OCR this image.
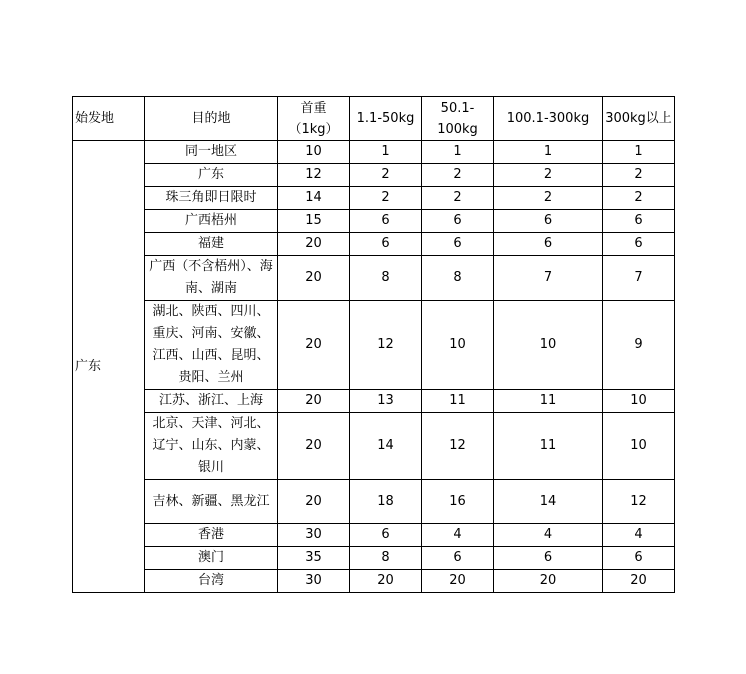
始发地	目的地	首重（1kg）	1.1-50kg	50.1-100kg	100.1-300kg	300kg以上
广东	同一地区	10	1	1	1	1
	广东	12	2	2	2	2
	珠三角即日限时	14	2	2	2	2
	广西梧州	15	6	6	6	6
	福建	20	6	6	6	6
	广西（不含梧州）、海南、湖南	20	8	8	7	7
	湖北、陕西、四川、重庆、河南、安徽、江西、山西、昆明、贵阳、兰州	20	12	10	10	9
	江苏、浙江、上海	20	13	11	11	10
	北京、天津、河北、辽宁、山东、内蒙、银川	20	14	12	11	10
	吉林、新疆、黑龙江	20	18	16	14	12
	香港	30	6	4	4	4
	澳门	35	8	6	6	6
	台湾	30	20	20	20	20
